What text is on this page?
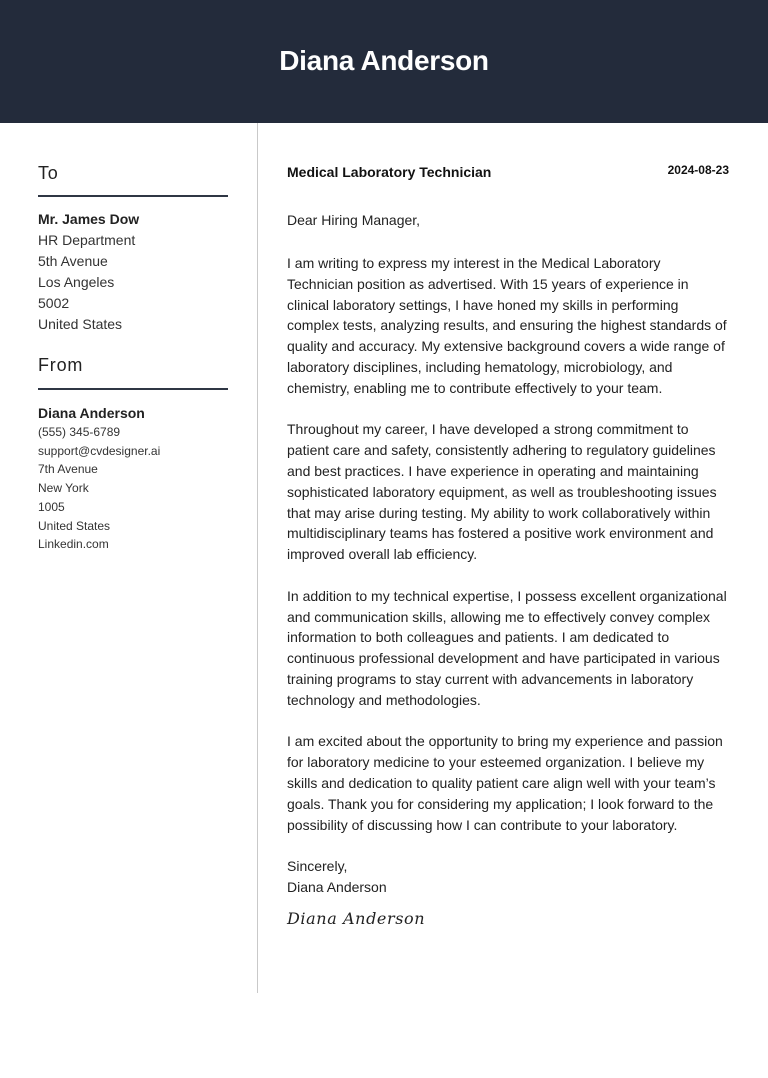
Diana Anderson
To
Mr. James Dow
HR Department
5th Avenue
Los Angeles
5002
United States
From
Diana Anderson
(555) 345-6789
support@cvdesigner.ai
7th Avenue
New York
1005
United States
Linkedin.com
Medical Laboratory Technician	2024-08-23
Dear Hiring Manager,

I am writing to express my interest in the Medical Laboratory Technician position as advertised. With 15 years of experience in clinical laboratory settings, I have honed my skills in performing complex tests, analyzing results, and ensuring the highest standards of quality and accuracy. My extensive background covers a wide range of laboratory disciplines, including hematology, microbiology, and chemistry, enabling me to contribute effectively to your team.

Throughout my career, I have developed a strong commitment to patient care and safety, consistently adhering to regulatory guidelines and best practices. I have experience in operating and maintaining sophisticated laboratory equipment, as well as troubleshooting issues that may arise during testing. My ability to work collaboratively within multidisciplinary teams has fostered a positive work environment and improved overall lab efficiency.

In addition to my technical expertise, I possess excellent organizational and communication skills, allowing me to effectively convey complex information to both colleagues and patients. I am dedicated to continuous professional development and have participated in various training programs to stay current with advancements in laboratory technology and methodologies.

I am excited about the opportunity to bring my experience and passion for laboratory medicine to your esteemed organization. I believe my skills and dedication to quality patient care align well with your team’s goals. Thank you for considering my application; I look forward to the possibility of discussing how I can contribute to your laboratory.

Sincerely,
Diana Anderson
Diana Anderson
